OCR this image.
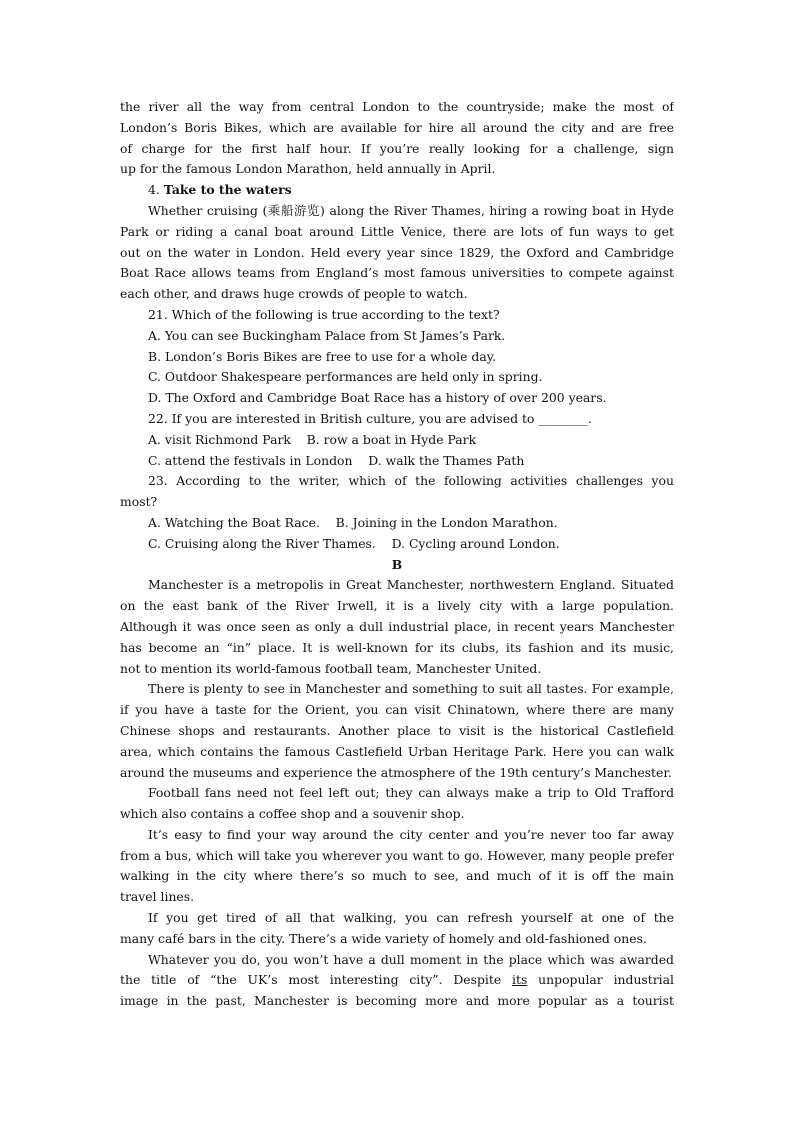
the river all the way from central London to the countryside; make the most of
London’s Boris Bikes, which are available for hire all around the city and are free
of charge for the first half hour. If you’re really looking for a challenge, sign
up for the famous London Marathon, held annually in April.
4. Take to the waters
Whether cruising (乘船游览) along the River Thames, hiring a rowing boat in Hyde
Park or riding a canal boat around Little Venice, there are lots of fun ways to get
out on the water in London. Held every year since 1829, the Oxford and Cambridge
Boat Race allows teams from England’s most famous universities to compete against
each other, and draws huge crowds of people to watch.
21. Which of the following is true according to the text?
A. You can see Buckingham Palace from St James’s Park.
B. London’s Boris Bikes are free to use for a whole day.
C. Outdoor Shakespeare performances are held only in spring.
D. The Oxford and Cambridge Boat Race has a history of over 200 years.
22. If you are interested in British culture, you are advised to ________.
A. visit Richmond Park    B. row a boat in Hyde Park
C. attend the festivals in London    D. walk the Thames Path
23. According to the writer, which of the following activities challenges you
most?
A. Watching the Boat Race.    B. Joining in the London Marathon.
C. Cruising along the River Thames.    D. Cycling around London.
B
Manchester is a metropolis in Great Manchester, northwestern England. Situated
on the east bank of the River Irwell, it is a lively city with a large population.
Although it was once seen as only a dull industrial place, in recent years Manchester
has become an “in” place. It is well-known for its clubs, its fashion and its music,
not to mention its world-famous football team, Manchester United.
There is plenty to see in Manchester and something to suit all tastes. For example,
if you have a taste for the Orient, you can visit Chinatown, where there are many
Chinese shops and restaurants. Another place to visit is the historical Castlefield
area, which contains the famous Castlefield Urban Heritage Park. Here you can walk
around the museums and experience the atmosphere of the 19th century’s Manchester.
Football fans need not feel left out; they can always make a trip to Old Trafford
which also contains a coffee shop and a souvenir shop.
It’s easy to find your way around the city center and you’re never too far away
from a bus, which will take you wherever you want to go. However, many people prefer
walking in the city where there’s so much to see, and much of it is off the main
travel lines.
If you get tired of all that walking, you can refresh yourself at one of the
many café bars in the city. There’s a wide variety of homely and old-fashioned ones.
Whatever you do, you won’t have a dull moment in the place which was awarded
the title of “the UK’s most interesting city”. Despite its unpopular industrial
image in the past, Manchester is becoming more and more popular as a tourist
